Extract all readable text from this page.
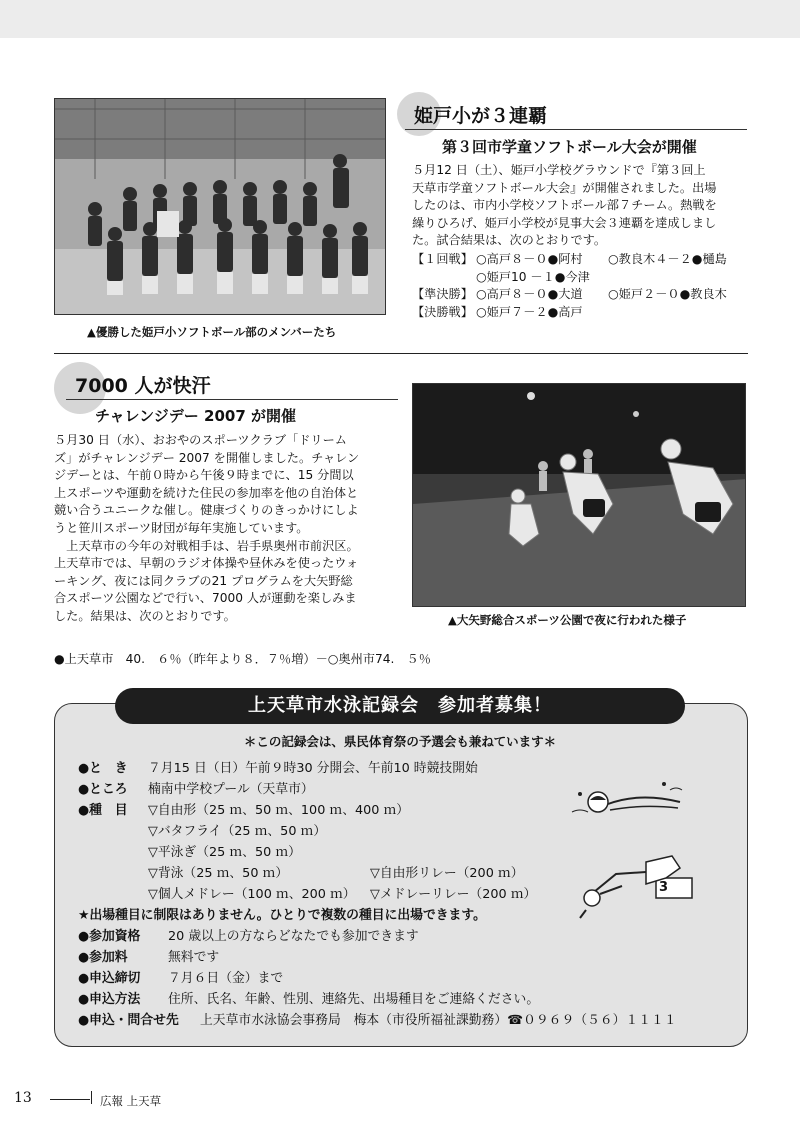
▲優勝した姫戸小ソフトボール部のメンバーたち
姫戸小が３連覇
第３回市学童ソフトボール大会が開催
５月12 日（土）、姫戸小学校グラウンドで『第３回上
天草市学童ソフトボール大会』が開催されました。出場
したのは、市内小学校ソフトボール部７チーム。熱戦を
繰りひろげ、姫戸小学校が見事大会３連覇を達成しまし
た。試合結果は、次のとおりです。
【１回戦】 ○高戸８－０●阿村 ○教良木４－２●樋島
○姫戸10 －１●今津
【準決勝】 ○高戸８－０●大道 ○姫戸２－０●教良木
【決勝戦】 ○姫戸７－２●高戸
7000 人が快汗
チャレンジデー 2007 が開催
５月30 日（水）、おおやのスポーツクラブ「ドリーム
ズ」がチャレンジデー 2007 を開催しました。チャレン
ジデーとは、午前０時から午後９時までに、15 分間以
上スポーツや運動を続けた住民の参加率を他の自治体と
競い合うユニークな催し。健康づくりのきっかけにしよ
うと笹川スポーツ財団が毎年実施しています。
　上天草市の今年の対戦相手は、岩手県奥州市前沢区。
上天草市では、早朝のラジオ体操や昼休みを使ったウォ
ーキング、夜には同クラブの21 プログラムを大矢野総
合スポーツ公園などで行い、7000 人が運動を楽しみま
した。結果は、次のとおりです。
●上天草市　40.　６％（昨年より８．７％増）－○奥州市74.　５％
▲大矢野総合スポーツ公園で夜に行われた様子
上天草市水泳記録会　参加者募集！
＊この記録会は、県民体育祭の予選会も兼ねています＊
●と　き ７月15 日（日）午前９時30 分開会、午前10 時競技開始
●ところ 楠南中学校プール（天草市）
●種　目 ▽自由形（25 ｍ、50 ｍ、100 ｍ、400 ｍ）
▽バタフライ（25 ｍ、50 ｍ）
▽平泳ぎ（25 ｍ、50 ｍ）
▽背泳（25 ｍ、50 ｍ）	▽自由形リレー（200 ｍ）
▽個人メドレー（100 ｍ、200 ｍ） ▽メドレーリレー（200 ｍ）
★出場種目に制限はありません。ひとりで複数の種目に出場できます。
●参加資格 20 歳以上の方ならどなたでも参加できます
●参加料	無料です
●申込締切 ７月６日（金）まで
●申込方法 住所、氏名、年齢、性別、連絡先、出場種目をご連絡ください。
●申込・問合せ先 上天草市水泳協会事務局　梅本（市役所福祉課勤務）☎０９６９（５６）１１１１
3
13	広報 上天草
